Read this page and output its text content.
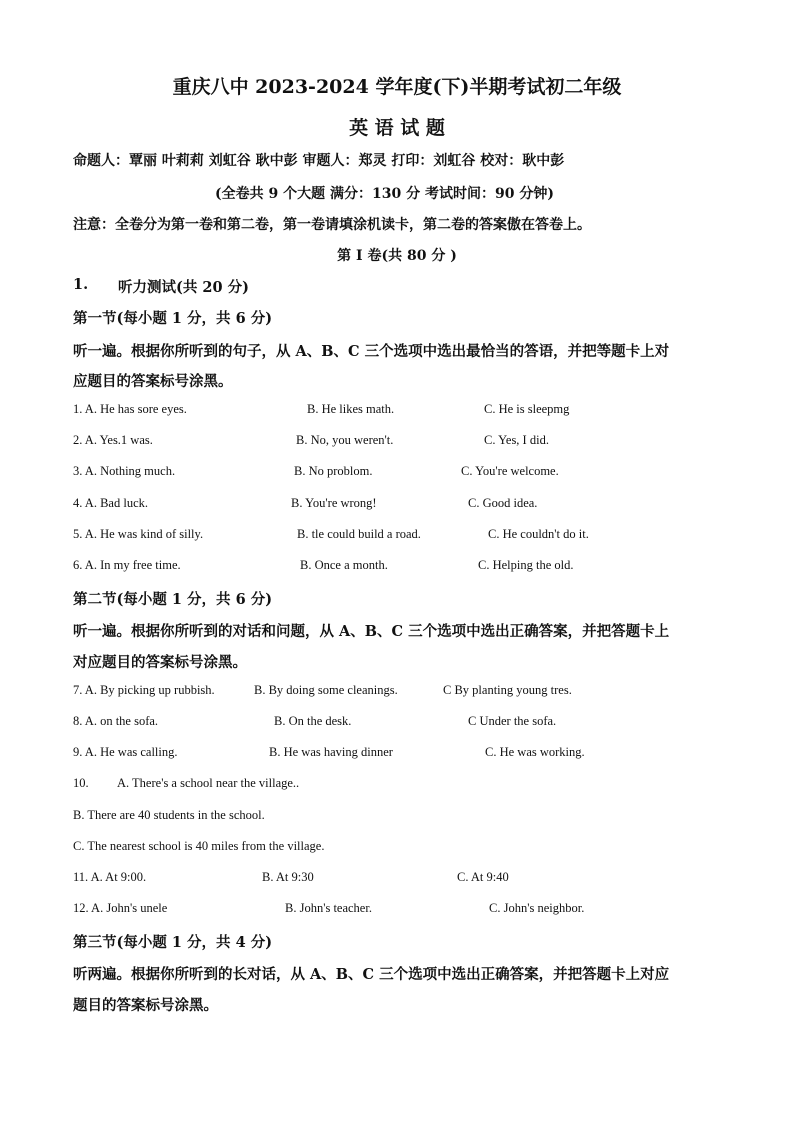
重庆八中 2023-2024 学年度(下)半期考试初二年级
英 语 试 题
命题人：覃丽 叶莉莉 刘虹谷 耿中彭 审题人：郑灵 打印：刘虹谷 校对：耿中彭
(全卷共 9 个大题 满分：130 分 考试时间：90 分钟)
注意：全卷分为第一卷和第二卷，第一卷请填涂机读卡，第二卷的答案傲在答卷上。
第 I 卷(共 80 分 )
1. 听力测试(共 20 分)
第一节(每小题 1 分，共 6 分)
听一遍。根据你所听到的句子，从 A、B、C 三个选项中选出最恰当的答语，并把等题卡上对
应题目的答案标号涂黑。
1. A. He has sore eyes.	B. He likes math.	C. He is sleepmg
2. A. Yes.1 was.	B. No, you weren't.	C. Yes, I did.
3. A. Nothing much.	B. No problom.	C. You're welcome.
4. A. Bad luck.	B. You're wrong!	C. Good idea.
5. A. He was kind of silly.	B. tle could build a road.	C. He couldn't do it.
6. A. In my free time.	B. Once a month.	C. Helping the old.
第二节(每小题 1 分，共 6 分)
听一遍。根据你所听到的对话和问题，从 A、B、C 三个选项中选出正确答案，并把答题卡上
对应题目的答案标号涂黑。
7. A. By picking up rubbish.	B. By doing some cleanings.	C By planting young tres.
8. A. on the sofa.	B. On the desk.	C Under the sofa.
9. A. He was calling.	B. He was having dinner	C. He was working.
10. A. There's a school near the village..
B. There are 40 students in the school.
C. The nearest school is 40 miles from the village.
11. A. At 9:00.	B. At 9:30	C. At 9:40
12. A. John's unele	B. John's teacher.	C. John's neighbor.
第三节(每小题 1 分，共 4 分)
听两遍。根据你所听到的长对话，从 A、B、C 三个选项中选出正确答案，并把答题卡上对应
题目的答案标号涂黑。
